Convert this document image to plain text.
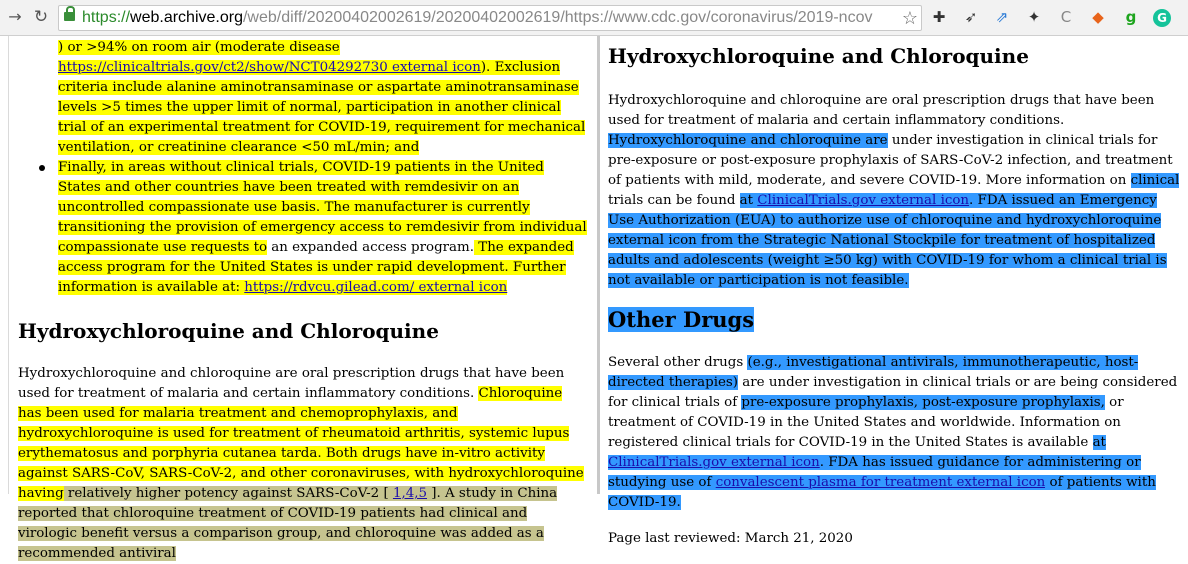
→ ↻ https://web.archive.org/web/diff/20200402002619/20200402002619/https://www.cdc.gov/coronavirus/2019-ncov ☆ ✚ ➶ ⇗ ✦ C ◆ g	G
) or >94% on room air (moderate disease
https://clinicaltrials.gov/ct2/show/NCT04292730 external icon). Exclusion criteria include alanine aminotransaminase or aspartate aminotransaminase levels >5 times the upper limit of normal, participation in another clinical trial of an experimental treatment for COVID-19, requirement for mechanical ventilation, or creatinine clearance <50 mL/min; and
Finally, in areas without clinical trials, COVID-19 patients in the United States and other countries have been treated with remdesivir on an uncontrolled compassionate use basis. The manufacturer is currently transitioning the provision of emergency access to remdesivir from individual compassionate use requests to an expanded access program. The expanded access program for the United States is under rapid development. Further information is available at: https://rdvcu.gilead.com/ external icon
Hydroxychloroquine and Chloroquine

Hydroxychloroquine and chloroquine are oral prescription drugs that have been used for treatment of malaria and certain inflammatory conditions. Chloroquine has been used for malaria treatment and chemoprophylaxis, and hydroxychloroquine is used for treatment of rheumatoid arthritis, systemic lupus erythematosus and porphyria cutanea tarda. Both drugs have in-vitro activity against SARS-CoV, SARS-CoV-2, and other coronaviruses, with hydroxychloroquine having relatively higher potency against SARS-CoV-2 [ 1,4,5 ]. A study in China reported that chloroquine treatment of COVID-19 patients had clinical and virologic benefit versus a comparison group, and chloroquine was added as a recommended antiviral

Hydroxychloroquine and Chloroquine

Hydroxychloroquine and chloroquine are oral prescription drugs that have been used for treatment of malaria and certain inflammatory conditions. Hydroxychloroquine and chloroquine are under investigation in clinical trials for pre-exposure or post-exposure prophylaxis of SARS-CoV-2 infection, and treatment of patients with mild, moderate, and severe COVID-19. More information on clinical trials can be found at ClinicalTrials.gov external icon. FDA issued an Emergency Use Authorization (EUA) to authorize use of chloroquine and hydroxychloroquine external icon from the Strategic National Stockpile for treatment of hospitalized adults and adolescents (weight ≥50 kg) with COVID-19 for whom a clinical trial is not available or participation is not feasible.

Other Drugs

Several other drugs (e.g., investigational antivirals, immunotherapeutic, host-directed therapies) are under investigation in clinical trials or are being considered for clinical trials of pre-exposure prophylaxis, post-exposure prophylaxis, or treatment of COVID-19 in the United States and worldwide. Information on registered clinical trials for COVID-19 in the United States is available at ClinicalTrials.gov external icon. FDA has issued guidance for administering or studying use of convalescent plasma for treatment external icon of patients with COVID-19.

Page last reviewed: March 21, 2020
